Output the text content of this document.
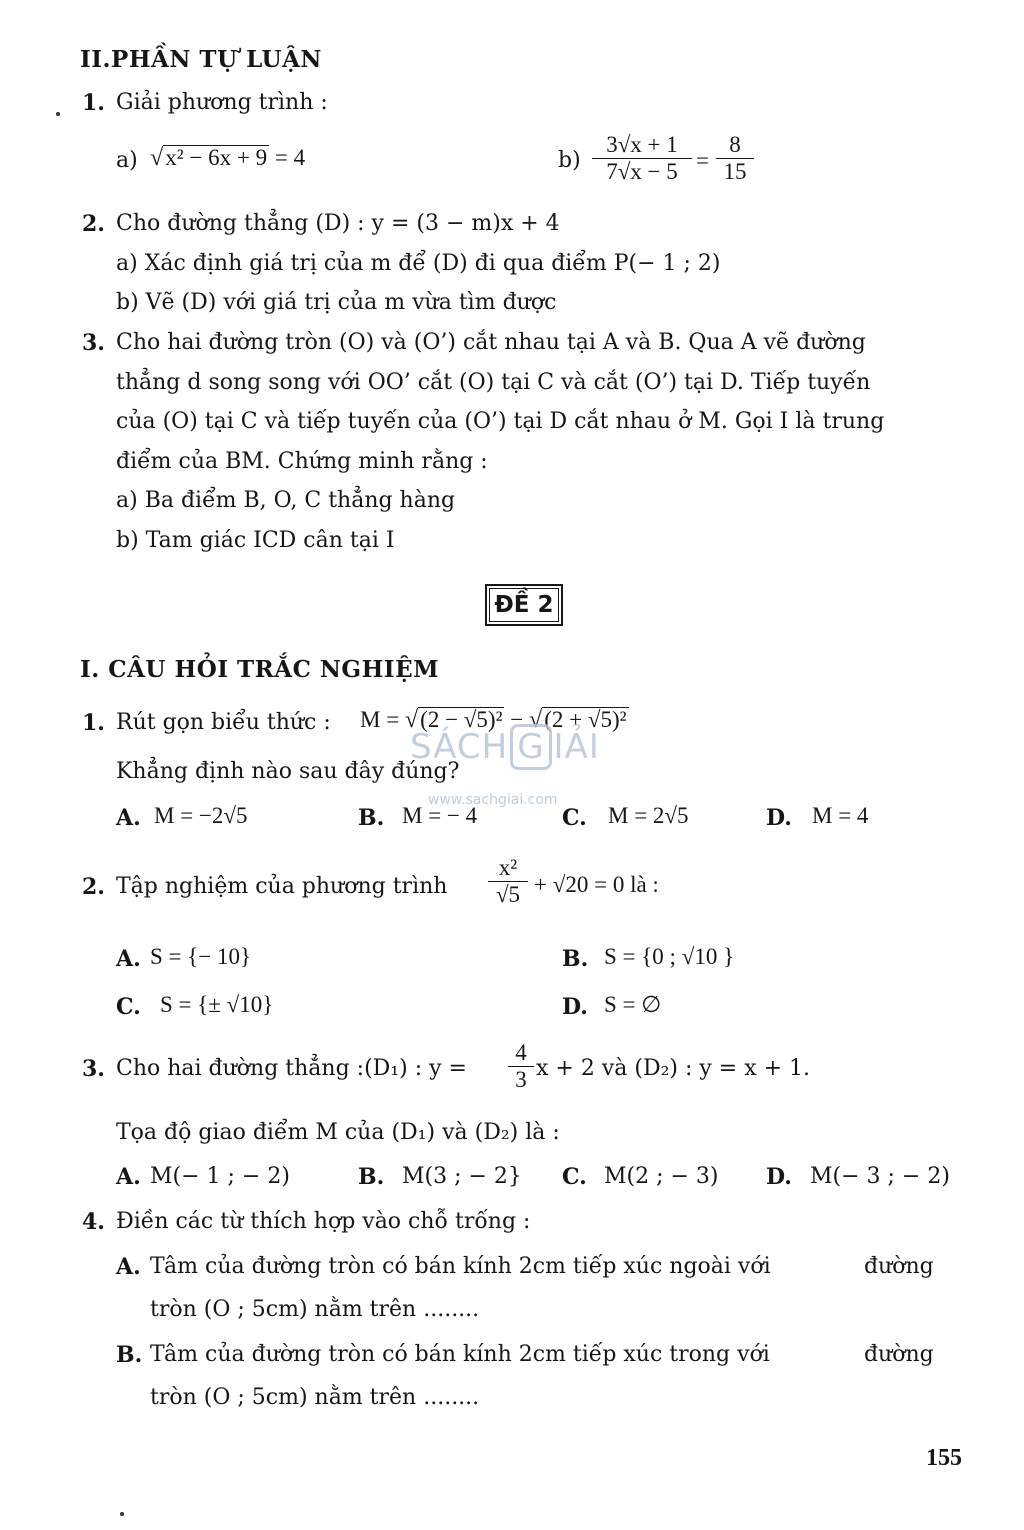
II.PHẦN TỰ LUẬN
1. Giải phương trình :
a) √x² − 6x + 9 = 4	$b) \frac{3√x + 1}{7√x - 5} = \frac{8}{15}$
2. Cho đường thẳng (D) : y = (3 − m)x + 4
a) Xác định giá trị của m để (D) đi qua điểm P(− 1 ; 2)
b) Vẽ (D) với giá trị của m vừa tìm được
3. Cho hai đường tròn (O) và (O’) cắt nhau tại A và B. Qua A vẽ đường
thẳng d song song với OO’ cắt (O) tại C và cắt (O’) tại D. Tiếp tuyến
của (O) tại C và tiếp tuyến của (O’) tại D cắt nhau ở M. Gọi I là trung
điểm của BM. Chứng minh rằng :
a) Ba điểm B, O, C thẳng hàng
b) Tam giác ICD cân tại I
ĐỀ 2
I. CÂU HỎI TRẮC NGHIỆM
1. Rút gọn biểu thức : M = √(2 − √5)² − √(2 + √5)²
SÁCH G IẢI
www.sachgiai.com
Khẳng định nào sau đây đúng?
A. M = −2√5	B. M = − 4	C. M = 2√5	D. M = 4
2. Tập nghiệm của phương trình $\frac{\text{x²}}{√5} + √20 = 0$ là :
A. S = {− 10}	B. S = {0 ; √10 }
C. S = {± √10}	D. S = ∅
3. Cho hai đường thẳng :(D₁) : $y = \frac{4}{3}$ x + 2 và (D₂) : y = x + 1.
Tọa độ giao điểm M của (D₁) và (D₂) là :
A. M(− 1 ; − 2)	B. M(3 ; − 2} C. M(2 ; − 3) D. M(− 3 ; − 2)
4. Điền các từ thích hợp vào chỗ trống :
A. Tâm của đường tròn có bán kính 2cm tiếp xúc ngoài với	đường
tròn (O ; 5cm) nằm trên ........
B. Tâm của đường tròn có bán kính 2cm tiếp xúc trong với	đường
tròn (O ; 5cm) nằm trên ........
155
